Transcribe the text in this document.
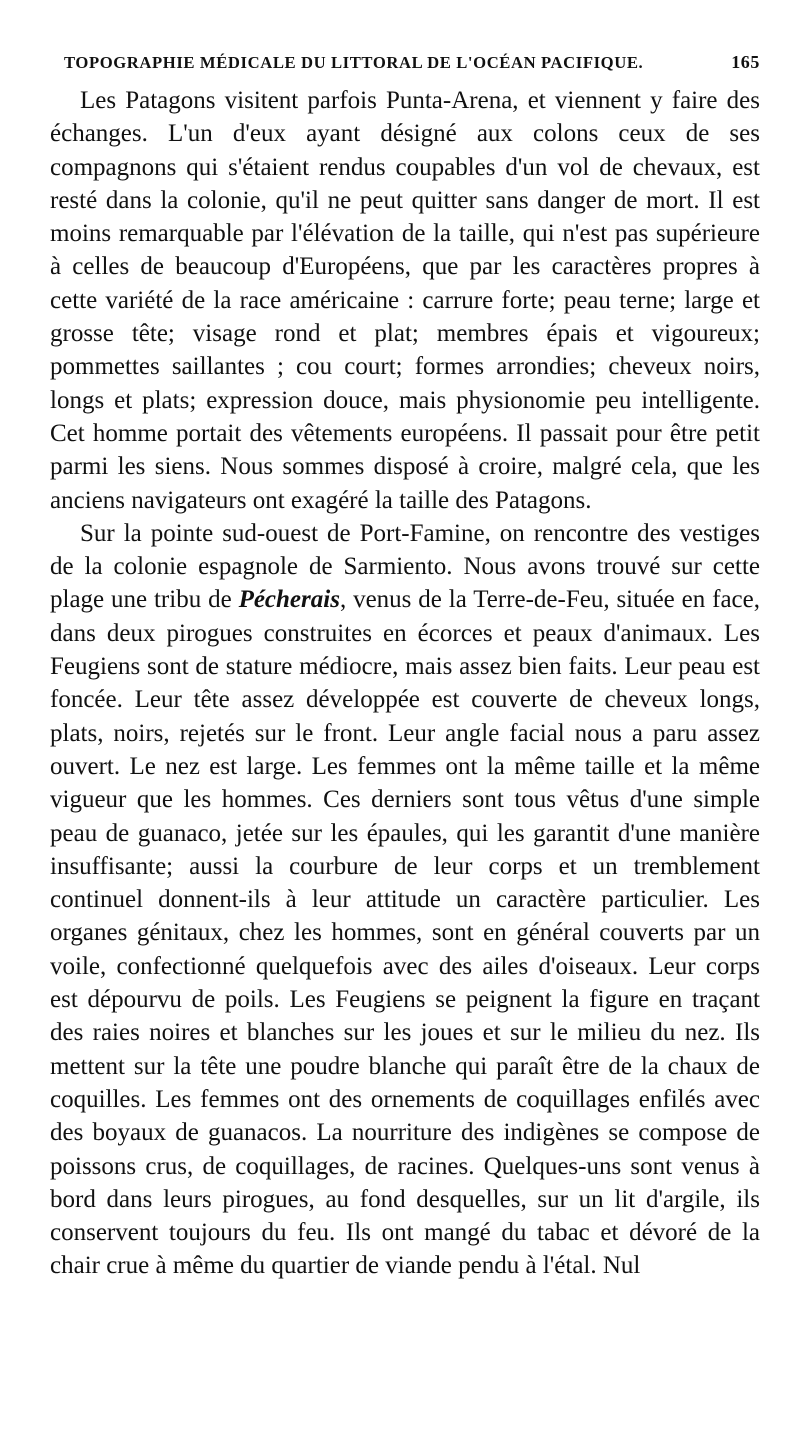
TOPOGRAPHIE MÉDICALE DU LITTORAL DE L'OCÉAN PACIFIQUE.	165

Les Patagons visitent parfois Punta-Arena, et viennent y faire des échanges. L'un d'eux ayant désigné aux colons ceux de ses compagnons qui s'étaient rendus coupables d'un vol de chevaux, est resté dans la colonie, qu'il ne peut quitter sans danger de mort. Il est moins remarquable par l'élévation de la taille, qui n'est pas supérieure à celles de beaucoup d'Européens, que par les caractères propres à cette variété de la race américaine : carrure forte; peau terne; large et grosse tête; visage rond et plat; membres épais et vigoureux; pommettes saillantes ; cou court; formes arrondies; cheveux noirs, longs et plats; expression douce, mais physionomie peu intelligente. Cet homme portait des vêtements européens. Il passait pour être petit parmi les siens. Nous sommes disposé à croire, malgré cela, que les anciens navigateurs ont exagéré la taille des Patagons.

Sur la pointe sud-ouest de Port-Famine, on rencontre des vestiges de la colonie espagnole de Sarmiento. Nous avons trouvé sur cette plage une tribu de Pécherais, venus de la Terre-de-Feu, située en face, dans deux pirogues construites en écorces et peaux d'animaux. Les Feugiens sont de stature médiocre, mais assez bien faits. Leur peau est foncée. Leur tête assez développée est couverte de cheveux longs, plats, noirs, rejetés sur le front. Leur angle facial nous a paru assez ouvert. Le nez est large. Les femmes ont la même taille et la même vigueur que les hommes. Ces derniers sont tous vêtus d'une simple peau de guanaco, jetée sur les épaules, qui les garantit d'une manière insuffisante; aussi la courbure de leur corps et un tremblement continuel donnent-ils à leur attitude un caractère particulier. Les organes génitaux, chez les hommes, sont en général couverts par un voile, confectionné quelquefois avec des ailes d'oiseaux. Leur corps est dépourvu de poils. Les Feugiens se peignent la figure en traçant des raies noires et blanches sur les joues et sur le milieu du nez. Ils mettent sur la tête une poudre blanche qui paraît être de la chaux de coquilles. Les femmes ont des ornements de coquillages enfilés avec des boyaux de guanacos. La nourriture des indigènes se compose de poissons crus, de coquillages, de racines. Quelques-uns sont venus à bord dans leurs pirogues, au fond desquelles, sur un lit d'argile, ils conservent toujours du feu. Ils ont mangé du tabac et dévoré de la chair crue à même du quartier de viande pendu à l'étal. Nul
